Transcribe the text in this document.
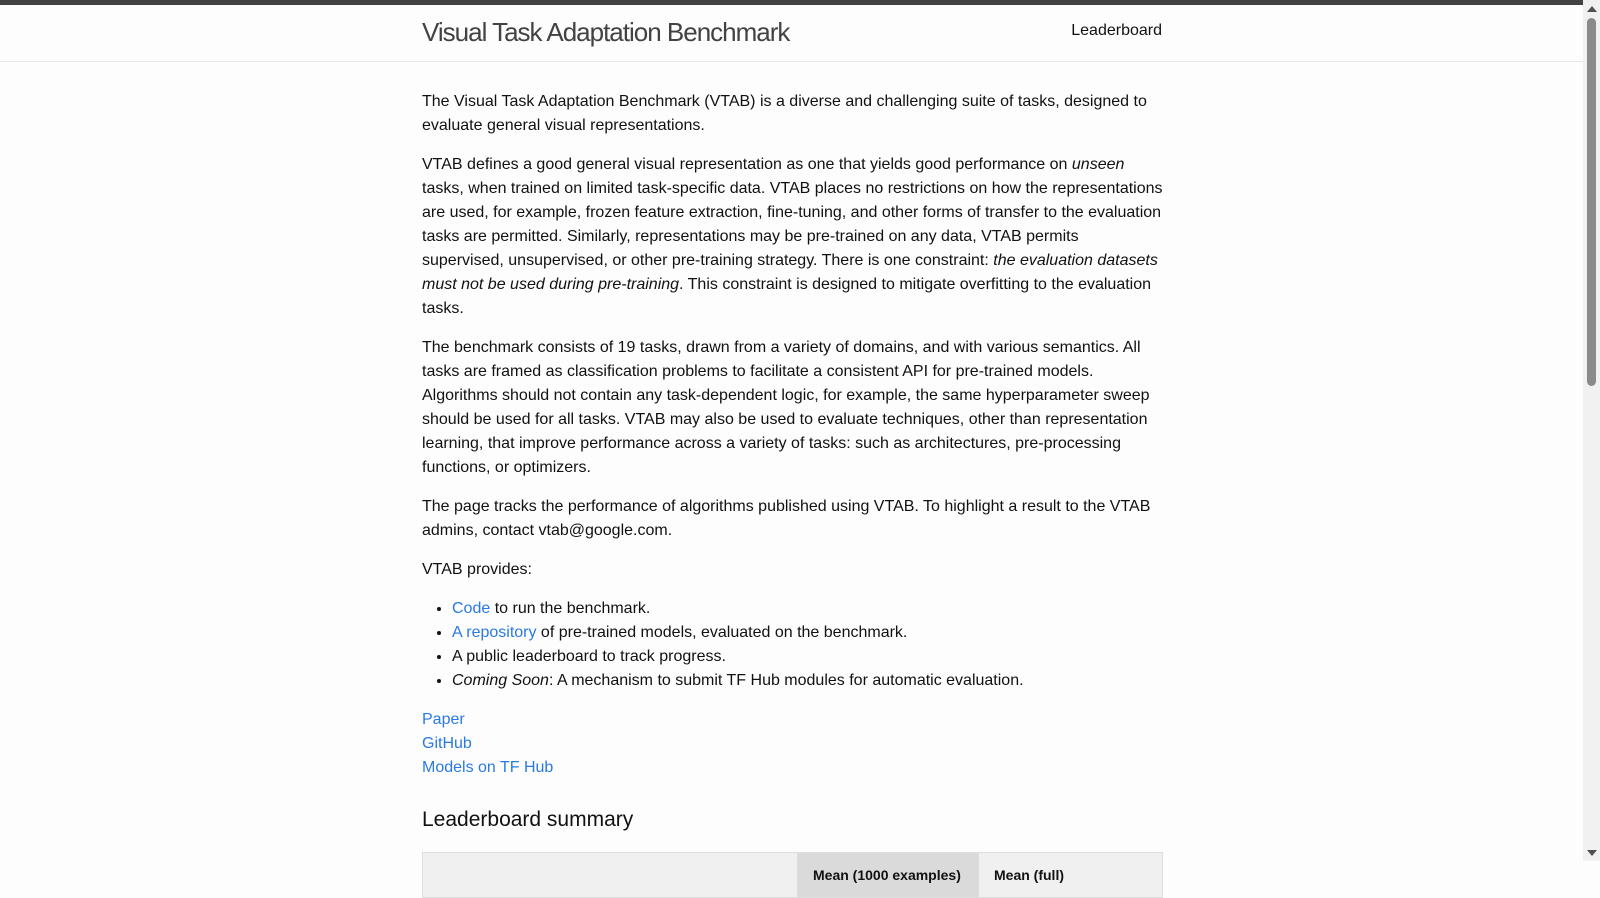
Visual Task Adaptation Benchmark	Leaderboard

The Visual Task Adaptation Benchmark (VTAB) is a diverse and challenging suite of tasks, designed to evaluate general visual representations.

VTAB defines a good general visual representation as one that yields good performance on unseen tasks, when trained on limited task-specific data. VTAB places no restrictions on how the representations are used, for example, frozen feature extraction, fine-tuning, and other forms of transfer to the evaluation tasks are permitted. Similarly, representations may be pre-trained on any data, VTAB permits supervised, unsupervised, or other pre-training strategy. There is one constraint: the evaluation datasets must not be used during pre-training. This constraint is designed to mitigate overfitting to the evaluation tasks.

The benchmark consists of 19 tasks, drawn from a variety of domains, and with various semantics. All tasks are framed as classification problems to facilitate a consistent API for pre-trained models. Algorithms should not contain any task-dependent logic, for example, the same hyperparameter sweep should be used for all tasks. VTAB may also be used to evaluate techniques, other than representation learning, that improve performance across a variety of tasks: such as architectures, pre-processing functions, or optimizers.

The page tracks the performance of algorithms published using VTAB. To highlight a result to the VTAB admins, contact vtab@google.com.

VTAB provides:

• Code to run the benchmark.
• A repository of pre-trained models, evaluated on the benchmark.
• A public leaderboard to track progress.
• Coming Soon: A mechanism to submit TF Hub modules for automatic evaluation.
Paper
GitHub
Models on TF Hub
Leaderboard summary
	Mean (1000 examples)	Mean (full)
